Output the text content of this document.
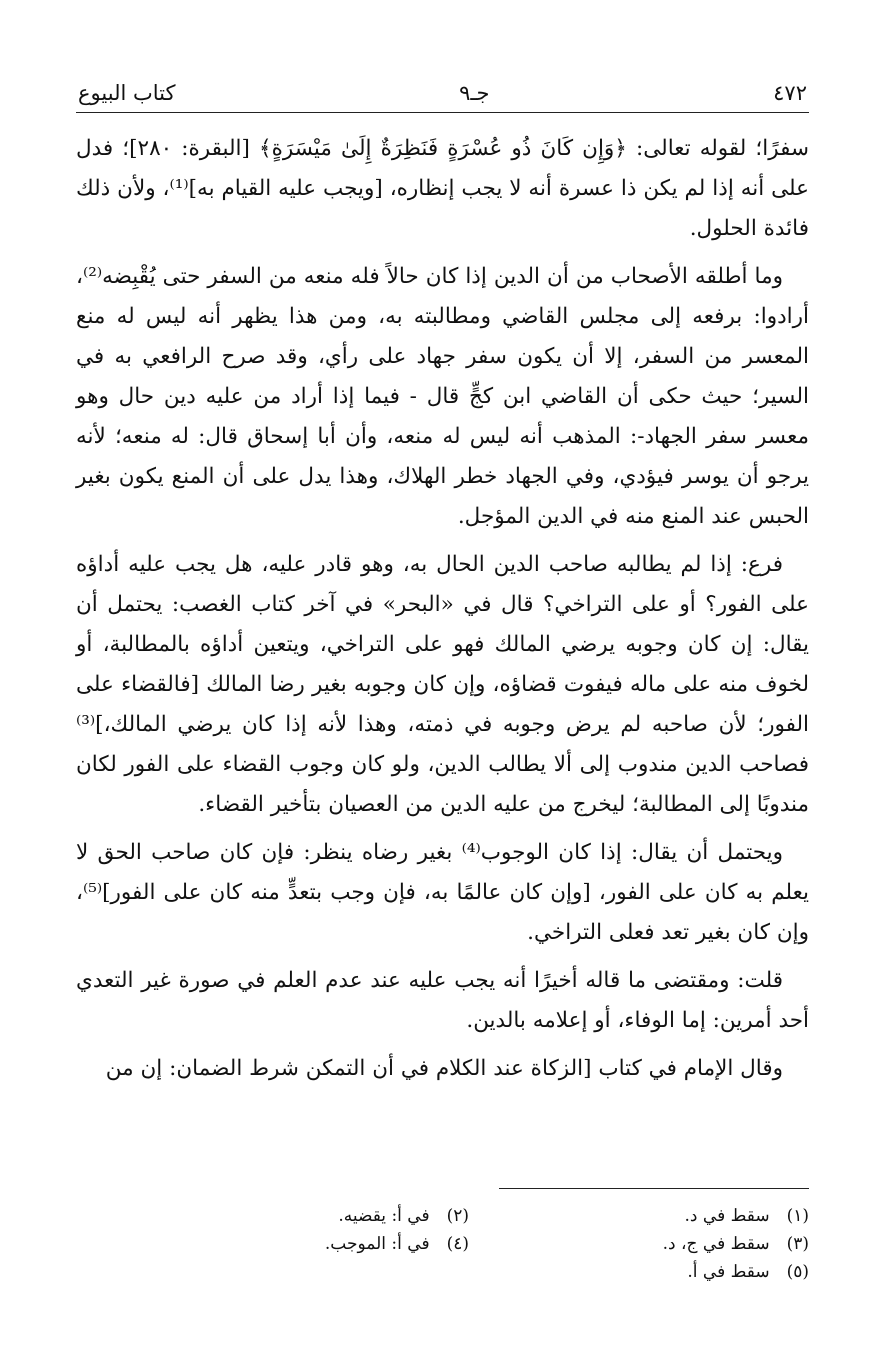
٤٧٢
جـ٩
كتاب البيوع

سفرًا؛ لقوله تعالى: ﴿وَإِن كَانَ ذُو عُسْرَةٍ فَنَظِرَةٌ إِلَىٰ مَيْسَرَةٍ﴾ [البقرة: ٢٨٠]؛ فدل على أنه إذا لم يكن ذا عسرة أنه لا يجب إنظاره، [ويجب عليه القيام به]⁽¹⁾، ولأن ذلك فائدة الحلول.

وما أطلقه الأصحاب من أن الدين إذا كان حالاً فله منعه من السفر حتى يُقْبِضه⁽²⁾، أرادوا: برفعه إلى مجلس القاضي ومطالبته به، ومن هذا يظهر أنه ليس له منع المعسر من السفر، إلا أن يكون سفر جهاد على رأي، وقد صرح الرافعي به في السير؛ حيث حكى أن القاضي ابن كجٍّ قال - فيما إذا أراد من عليه دين حال وهو معسر سفر الجهاد-: المذهب أنه ليس له منعه، وأن أبا إسحاق قال: له منعه؛ لأنه يرجو أن يوسر فيؤدي، وفي الجهاد خطر الهلاك، وهذا يدل على أن المنع يكون بغير الحبس عند المنع منه في الدين المؤجل.

فرع: إذا لم يطالبه صاحب الدين الحال به، وهو قادر عليه، هل يجب عليه أداؤه على الفور؟ أو على التراخي؟ قال في «البحر» في آخر كتاب الغصب: يحتمل أن يقال: إن كان وجوبه يرضي المالك فهو على التراخي، ويتعين أداؤه بالمطالبة، أو لخوف منه على ماله فيفوت قضاؤه، وإن كان وجوبه بغير رضا المالك [فالقضاء على الفور؛ لأن صاحبه لم يرض وجوبه في ذمته، وهذا لأنه إذا كان يرضي المالك،]⁽³⁾ فصاحب الدين مندوب إلى ألا يطالب الدين، ولو كان وجوب القضاء على الفور لكان مندوبًا إلى المطالبة؛ ليخرج من عليه الدين من العصيان بتأخير القضاء.

ويحتمل أن يقال: إذا كان الوجوب⁽⁴⁾ بغير رضاه ينظر: فإن كان صاحب الحق لا يعلم به كان على الفور، [وإن كان عالمًا به، فإن وجب بتعدٍّ منه كان على الفور]⁽⁵⁾، وإن كان بغير تعد فعلى التراخي.

قلت: ومقتضى ما قاله أخيرًا أنه يجب عليه عند عدم العلم في صورة غير التعدي أحد أمرين: إما الوفاء، أو إعلامه بالدين.

وقال الإمام في كتاب [الزكاة عند الكلام في أن التمكن شرط الضمان: إن من

(١) سقط في د.
(٢) في أ: يقضيه.
(٣) سقط في ج، د.
(٤) في أ: الموجب.
(٥) سقط في أ.
